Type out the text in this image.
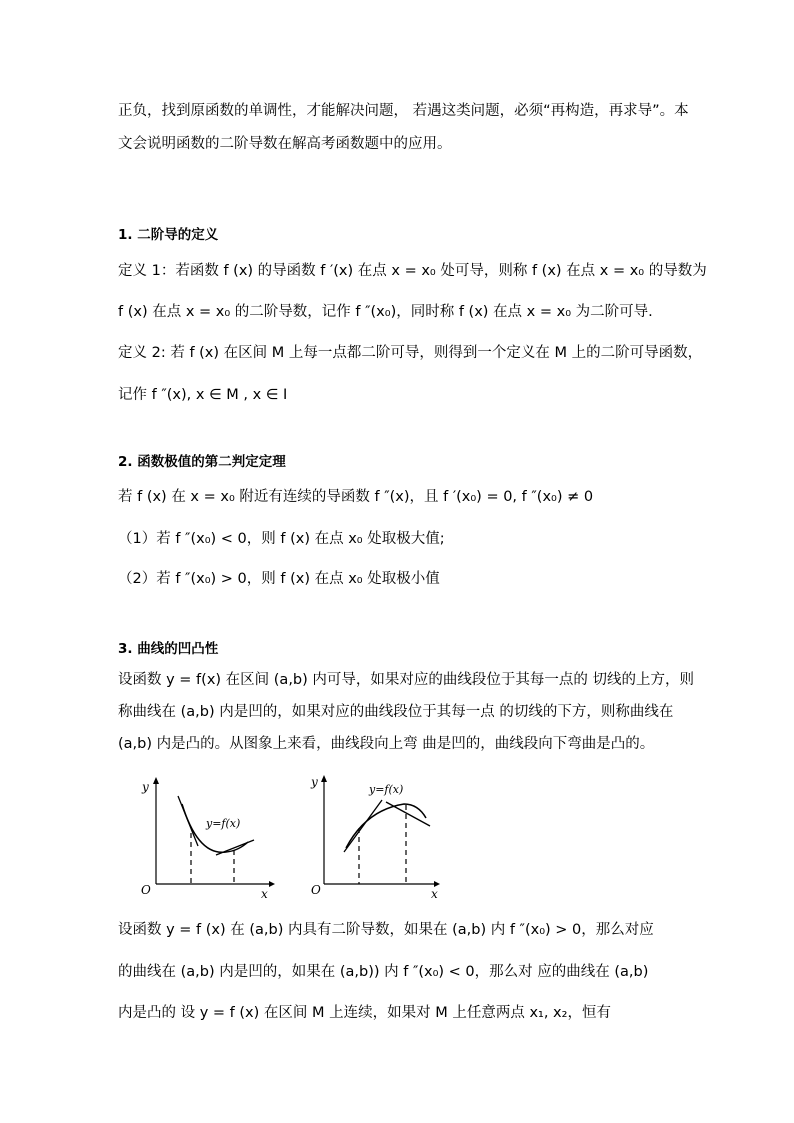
正负，找到原函数的单调性，才能解决问题， 若遇这类问题，必须“再构造，再求导”。本
文会说明函数的二阶导数在解高考函数题中的应用。
1. 二阶导的定义
定义 1：若函数 f (x) 的导函数 f ′(x) 在点 x = x₀ 处可导，则称 f (x) 在点 x = x₀ 的导数为
f (x) 在点 x = x₀ 的二阶导数，记作 f ″(x₀)，同时称 f (x) 在点 x = x₀ 为二阶可导.
定义 2: 若 f (x) 在区间 M 上每一点都二阶可导，则得到一个定义在 M 上的二阶可导函数，
记作 f ″(x), x ∈ M , x ∈ I
2. 函数极值的第二判定定理
若 f (x) 在 x = x₀ 附近有连续的导函数 f ″(x)，且 f ′(x₀) = 0, f ″(x₀) ≠ 0
（1）若 f ″(x₀) < 0，则 f (x) 在点 x₀ 处取极大值;
（2）若 f ″(x₀) > 0，则 f (x) 在点 x₀ 处取极小值
3. 曲线的凹凸性
设函数 y = f(x) 在区间 (a,b) 内可导，如果对应的曲线段位于其每一点的 切线的上方，则
称曲线在 (a,b) 内是凹的，如果对应的曲线段位于其每一点 的切线的下方，则称曲线在
(a,b) 内是凸的。从图象上来看，曲线段向上弯 曲是凹的，曲线段向下弯曲是凸的。
y
x
O
y=f(x)
y
x
O
y=f(x)
设函数 y = f (x) 在 (a,b) 内具有二阶导数，如果在 (a,b) 内 f ″(x₀) > 0，那么对应
的曲线在 (a,b) 内是凹的，如果在 (a,b)) 内 f ″(x₀) < 0，那么对 应的曲线在 (a,b)
内是凸的 设 y = f (x) 在区间 M 上连续，如果对 M 上任意两点 x₁, x₂，恒有
